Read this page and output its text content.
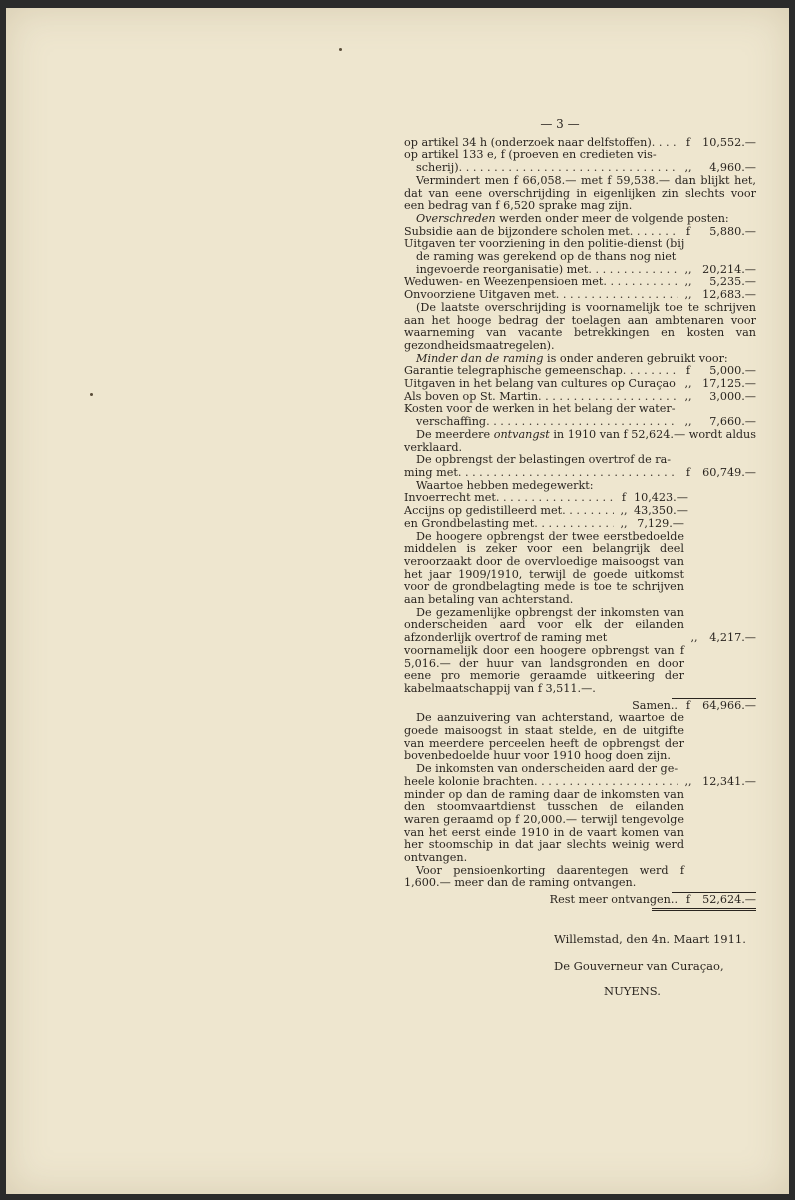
— 3 —
op artikel 34 h (onderzoek naar delfstoffen) . . .	f	10,552.—
op artikel 133 e, f (proeven en credieten vis-
scherij) . . .	,,	4,960.—
Vermindert men f 66,058.— met f 59,538.— dan blijkt het, dat van eene overschrijding in eigenlijken zin slechts voor een bedrag van f 6,520 sprake mag zijn.
Overschreden werden onder meer de volgende posten:
Subsidie aan de bijzondere scholen met . . .	f	5,880.—
Uitgaven ter voorziening in den politie-dienst (bij
de raming was gerekend op de thans nog niet
ingevoerde reorganisatie) met . . .	,, 20,214.—
Weduwen- en Weezenpensioen met . . .	,,	5,235.—
Onvoorziene Uitgaven met . . .	,, 12,683.—
(De laatste overschrijding is voornamelijk toe te schrijven aan het hooge bedrag der toelagen aan ambtenaren voor waarneming van vacante betrekkingen en kosten van gezondheidsmaatregelen).
Minder dan de raming is onder anderen gebruikt voor:
Garantie telegraphische gemeenschap . . .	f	5,000.—
Uitgaven in het belang van cultures op Curaçao ,, 17,125.—
Als boven op St. Martin . . .	,,	3,000.—
Kosten voor de werken in het belang der water-
verschaffing . . .	,,	7,660.—
De meerdere ontvangst in 1910 van f 52,624.— wordt aldus verklaard.
De opbrengst der belastingen overtrof de ra-
ming met . . .	f	60,749.—
Waartoe hebben medegewerkt:
Invoerrecht met . . .	f 10,423.—
Accijns op gedistilleerd met . . .	,, 43,350.—
en Grondbelasting met . . .	,, 7,129.—
De hoogere opbrengst der twee eerstbedoelde middelen is zeker voor een belangrijk deel veroorzaakt door de overvloedige maisoogst van het jaar 1909/1910, terwijl de goede uitkomst voor de grondbelagting mede is toe te schrijven aan betaling van achterstand.
De gezamenlijke opbrengst der inkomsten van onderscheiden aard voor elk der eilanden afzonderlijk overtrof de raming met	,,	4,217.—
voornamelijk door een hoogere opbrengst van f 5,016.— der huur van landsgronden en door eene pro memorie geraamde uitkeering der kabelmaatschappij van f 3,511.—.
Samen.. f	64,966.—
De aanzuivering van achterstand, waartoe de goede maisoogst in staat stelde, en de uitgifte van meerdere perceelen heeft de opbrengst der bovenbedoelde huur voor 1910 hoog doen zijn.
De inkomsten van onderscheiden aard der ge-
heele kolonie brachten . . .	,, 12,341.—
minder op dan de raming daar de inkomsten van den stoomvaartdienst tusschen de eilanden waren geraamd op f 20,000.— terwijl tengevolge van het eerst einde 1910 in de vaart komen van her stoomschip in dat jaar slechts weinig werd ontvangen.
Voor pensioenkorting daarentegen werd f 1,600.— meer dan de raming ontvangen.
Rest meer ontvangen.. f	52,624.—
Willemstad, den 4n. Maart 1911.
De Gouverneur van Curaçao,
NUYENS.
